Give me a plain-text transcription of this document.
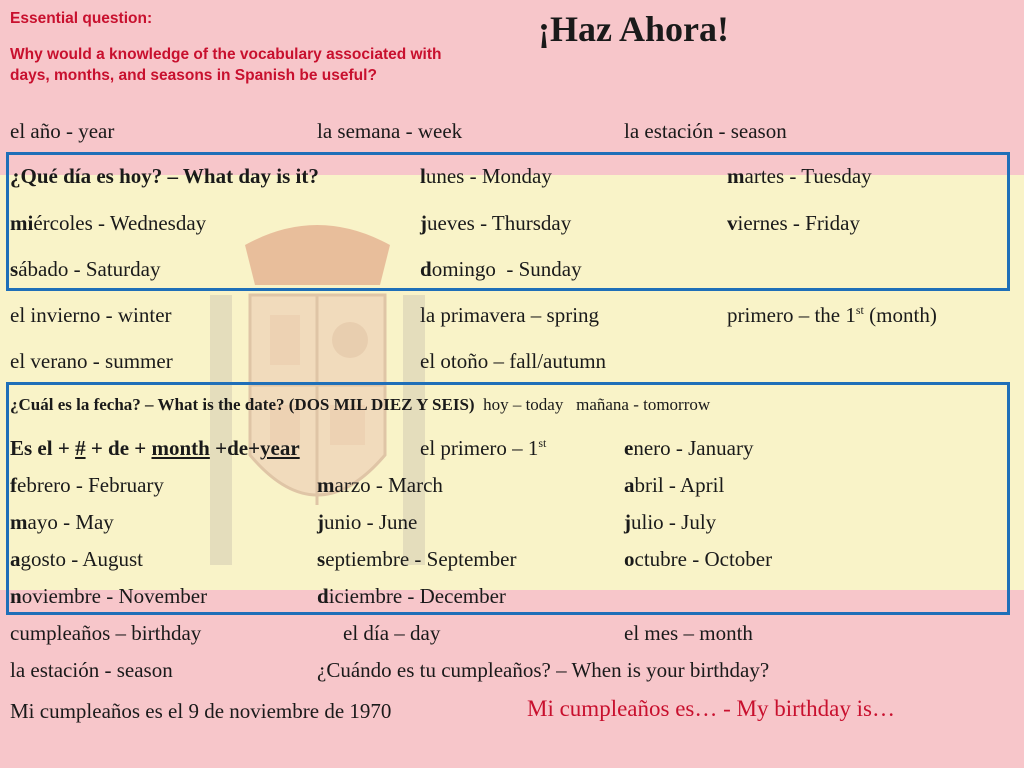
Essential question:
Why would a knowledge of the vocabulary associated with days, months, and seasons in Spanish be useful?
¡Haz Ahora!
el año - year	la semana - week	la estación - season
¿Qué día es hoy? – What day is it?	lunes - Monday	martes - Tuesday
miércoles - Wednesday	jueves - Thursday	viernes - Friday
sábado - Saturday	domingo  - Sunday
el invierno - winter	la primavera – spring	primero – the 1st (month)
el verano - summer	el otoño – fall/autumn
¿Cuál es la fecha? – What is the date? (DOS MIL DIEZ Y SEIS) hoy – today mañana - tomorrow
Es el + # + de + month +de+year	el primero – 1st	enero - January
febrero - February	marzo - March	abril - April
mayo - May	junio - June	julio - July
agosto - August	septiembre - September	octubre - October
noviembre - November	diciembre - December
cumpleaños – birthday	el día – day	el mes – month
la estación - season	¿Cuándo es tu cumpleaños? – When is your birthday?
Mi cumpleaños es el 9 de noviembre de 1970	Mi cumpleaños es… - My birthday is…
